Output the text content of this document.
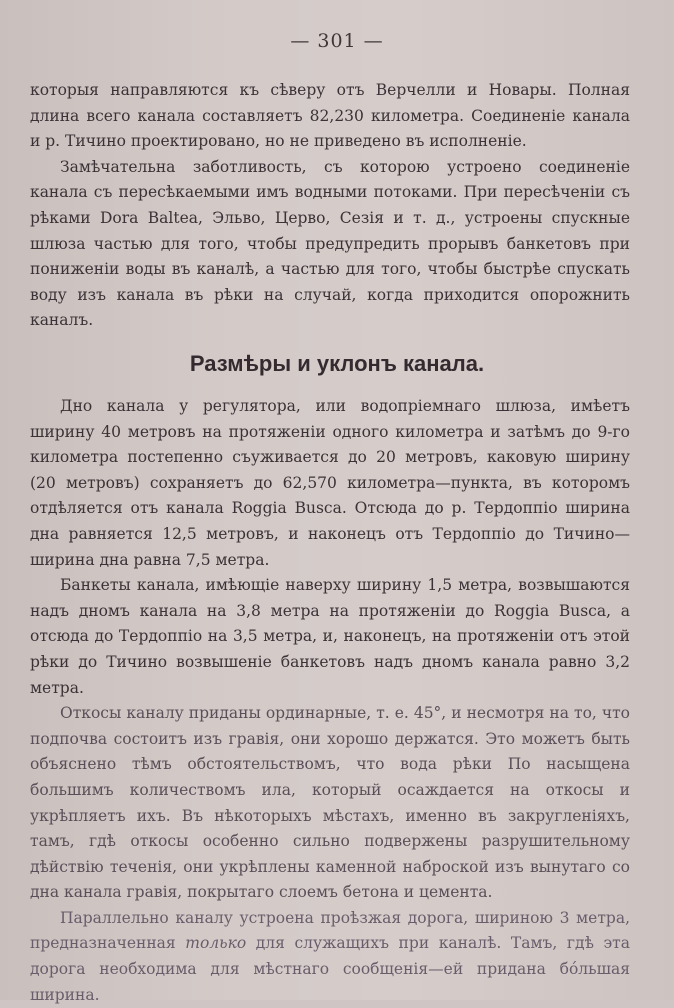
— 301 —

которыя направляются къ сѣверу отъ Верчелли и Новары. Полная длина всего канала составляетъ 82,230 километра. Соединеніе канала и р. Тичино проектировано, но не приведено въ исполненіе.

Замѣчательна заботливость, съ которою устроено соединеніе канала съ пересѣкаемыми имъ водными потоками. При пересѣченіи съ рѣками Dora Baltea, Эльво, Церво, Сезія и т. д., устроены спускные шлюза частью для того, чтобы предупредить прорывъ банкетовъ при пониженіи воды въ каналѣ, а частью для того, чтобы быстрѣе спускать воду изъ канала въ рѣки на случай, когда приходится опорожнить каналъ.

Размѣры и уклонъ канала.

Дно канала у регулятора, или водопріемнаго шлюза, имѣетъ ширину 40 метровъ на протяженіи одного километра и затѣмъ до 9-го километра постепенно съуживается до 20 метровъ, каковую ширину (20 метровъ) сохраняетъ до 62,570 километра—пункта, въ которомъ отдѣляется отъ канала Roggia Busca. Отсюда до р. Тердоппіо ширина дна равняется 12,5 метровъ, и наконецъ отъ Тердоппіо до Тичино—ширина дна равна 7,5 метра.

Банкеты канала, имѣющіе наверху ширину 1,5 метра, возвышаются надъ дномъ канала на 3,8 метра на протяженіи до Roggia Busca, а отсюда до Тердоппіо на 3,5 метра, и, наконецъ, на протяженіи отъ этой рѣки до Тичино возвышеніе банкетовъ надъ дномъ канала равно 3,2 метра.

Откосы каналу приданы ординарные, т. е. 45°, и несмотря на то, что подпочва состоитъ изъ гравія, они хорошо держатся. Это можетъ быть объяснено тѣмъ обстоятельствомъ, что вода рѣки По насыщена большимъ количествомъ ила, который осаждается на откосы и укрѣпляетъ ихъ. Въ нѣкоторыхъ мѣстахъ, именно въ закругленіяхъ, тамъ, гдѣ откосы особенно сильно подвержены разрушительному дѣйствію теченія, они укрѣплены каменной наброской изъ вынутаго со дна канала гравія, покрытаго слоемъ бетона и цемента.

Параллельно каналу устроена проѣзжая дорога, шириною 3 метра, предназначенная только для служащихъ при каналѣ. Тамъ, гдѣ эта дорога необходима для мѣстнаго сообщенія—ей придана бóльшая ширина.
